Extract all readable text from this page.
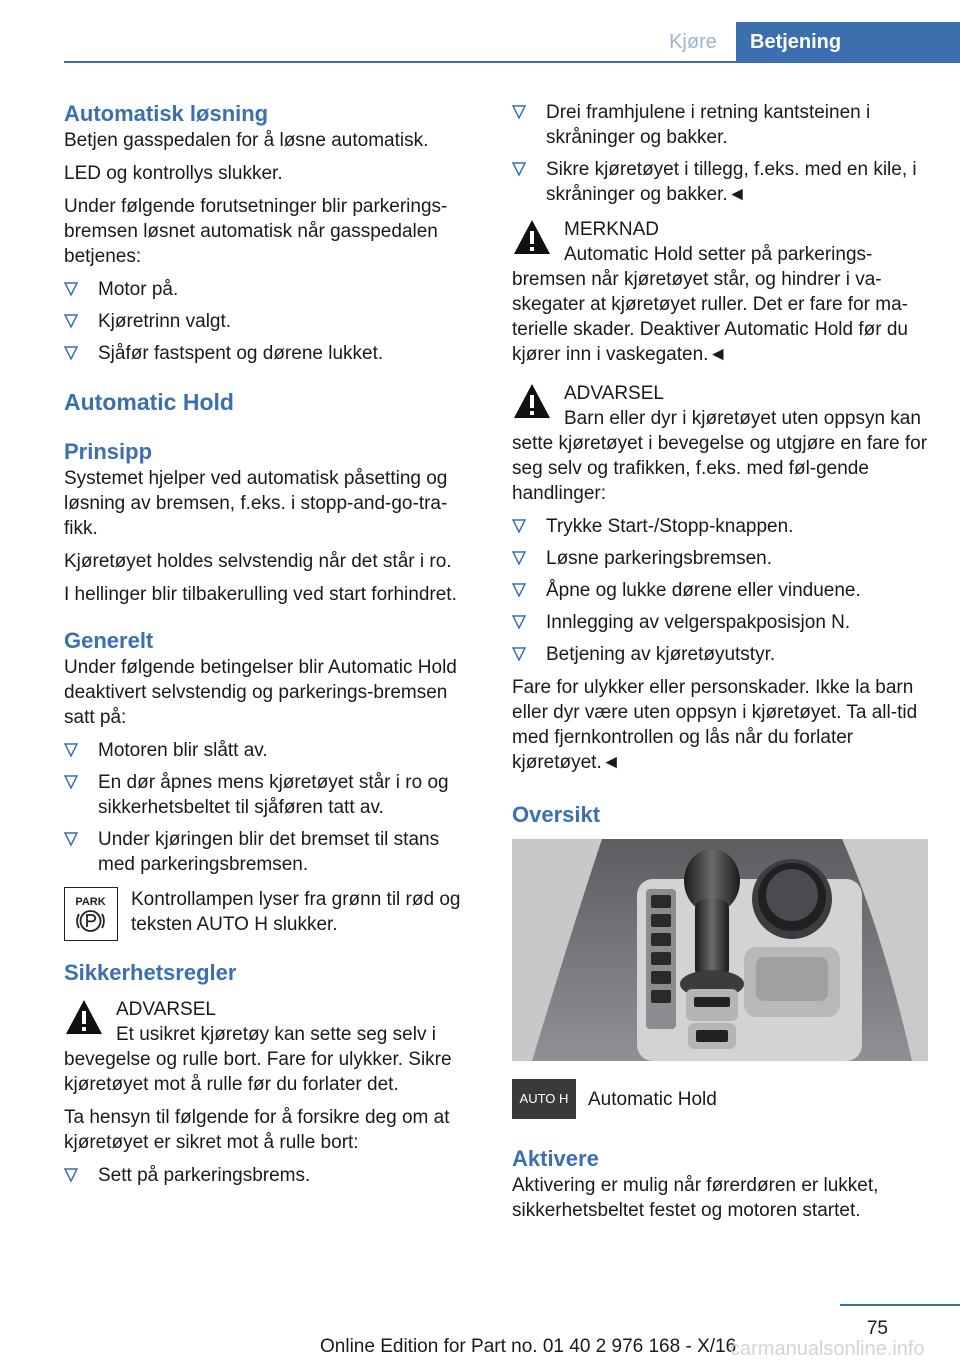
Kjøre	Betjening
Automatisk løsning

Betjen gasspedalen for å løsne automatisk.

LED og kontrollys slukker.

Under følgende forutsetninger blir parkerings-bremsen løsnet automatisk når gasspedalen betjenes:

Motor på.
Kjøretrinn valgt.
Sjåfør fastspent og dørene lukket.
Automatic Hold
Prinsipp

Systemet hjelper ved automatisk påsetting og løsning av bremsen, f.eks. i stopp-and-go-tra-fikk.

Kjøretøyet holdes selvstendig når det står i ro.

I hellinger blir tilbakerulling ved start forhindret.

Generelt

Under følgende betingelser blir Automatic Hold deaktivert selvstendig og parkerings-bremsen satt på:

Motoren blir slått av.
En dør åpnes mens kjøretøyet står i ro og sikkerhetsbeltet til sjåføren tatt av.
Under kjøringen blir det bremset til stans med parkeringsbremsen.
PARK Kontrollampen lyser fra grønn til rød og teksten AUTO H slukker.
Sikkerhetsregler
ADVARSEL
Et usikret kjøretøy kan sette seg selv i bevegelse og rulle bort. Fare for ulykker. Sikre kjøretøyet mot å rulle før du forlater det.

Ta hensyn til følgende for å forsikre deg om at kjøretøyet er sikret mot å rulle bort:

Sett på parkeringsbrems.
Drei framhjulene i retning kantsteinen i skråninger og bakker.
Sikre kjøretøyet i tillegg, f.eks. med en kile, i skråninger og bakker.◄
MERKNAD
Automatic Hold setter på parkerings-bremsen når kjøretøyet står, og hindrer i va-skegater at kjøretøyet ruller. Det er fare for ma-terielle skader. Deaktiver Automatic Hold før du kjører inn i vaskegaten.◄
ADVARSEL
Barn eller dyr i kjøretøyet uten oppsyn kan sette kjøretøyet i bevegelse og utgjøre en fare for seg selv og trafikken, f.eks. med føl-gende handlinger:
Trykke Start-/Stopp-knappen.
Løsne parkeringsbremsen.
Åpne og lukke dørene eller vinduene.
Innlegging av velgerspakposisjon N.
Betjening av kjøretøyutstyr.

Fare for ulykker eller personskader. Ikke la barn eller dyr være uten oppsyn i kjøretøyet. Ta all-tid med fjernkontrollen og lås når du forlater kjøretøyet.◄

Oversikt
AUTO H	Automatic Hold
Aktivere

Aktivering er mulig når førerdøren er lukket, sikkerhetsbeltet festet og motoren startet.

75
Online Edition for Part no. 01 40 2 976 168 - X/16
carmanualsonline.info
